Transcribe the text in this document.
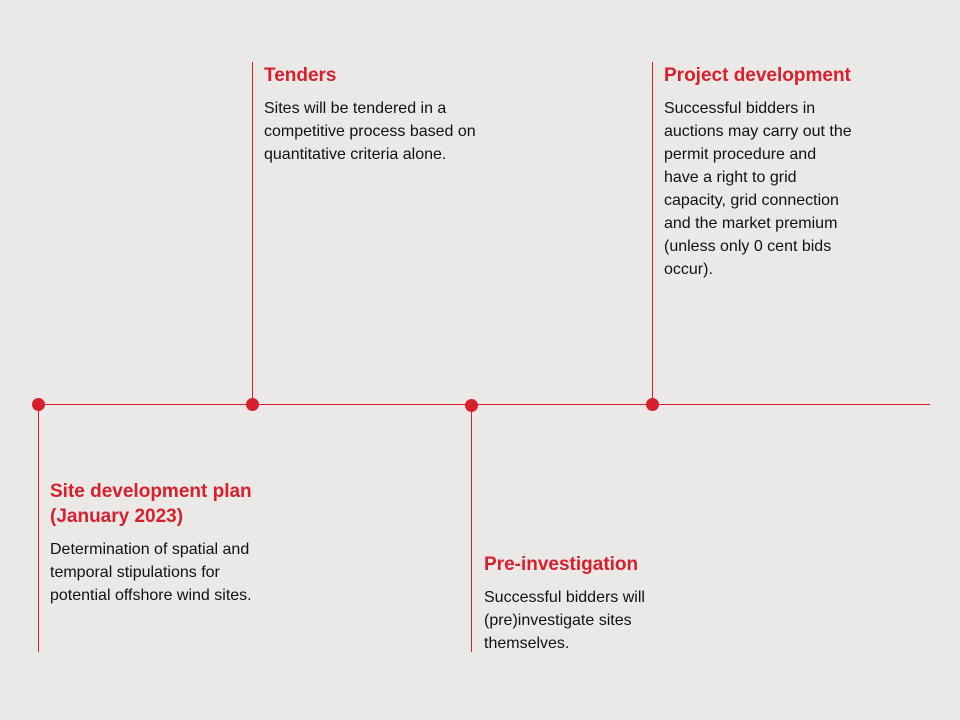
Site development plan (January 2023)

Determination of spatial and temporal stipulations for potential offshore wind sites.

Tenders

Sites will be tendered in a competitive process based on quantitative criteria alone.

Pre-investigation

Successful bidders will (pre)investigate sites themselves.

Project development

Successful bidders in auctions may carry out the permit procedure and have a right to grid capacity, grid connection and the market premium (unless only 0 cent bids occur).
